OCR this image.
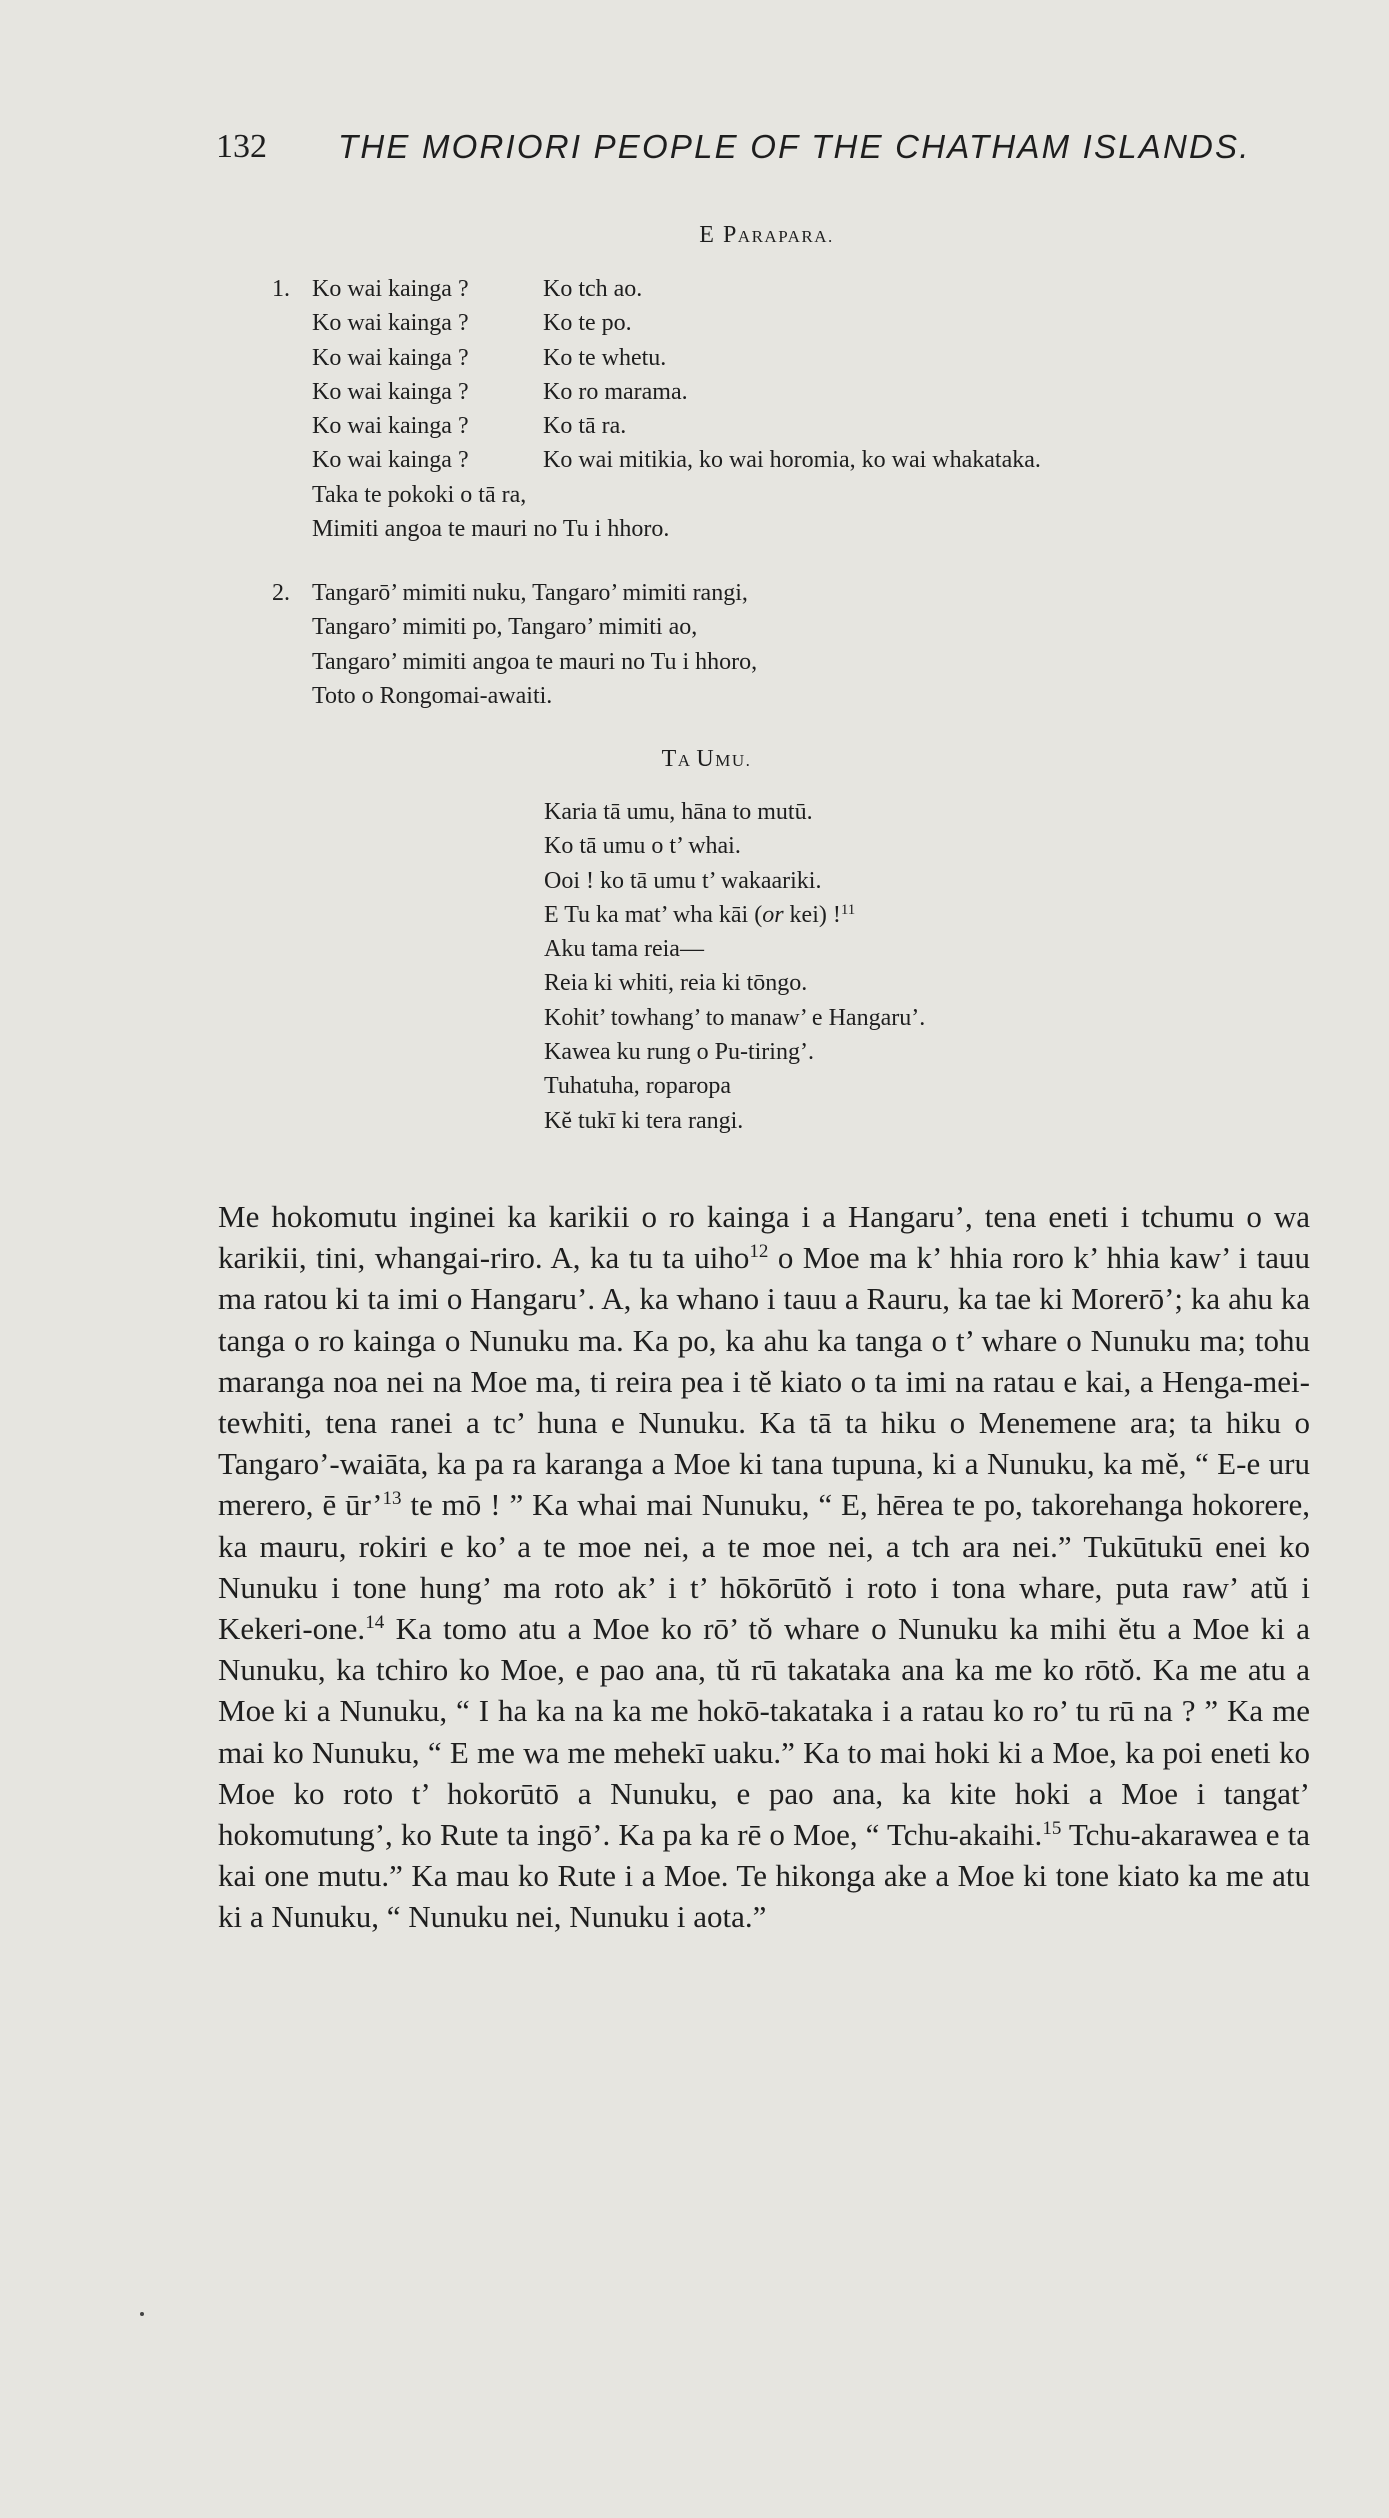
132 THE MORIORI PEOPLE OF THE CHATHAM ISLANDS.
E PARAPARA.
1. Ko wai kainga ?	Ko tch ao.
Ko wai kainga ?	Ko te po.
Ko wai kainga ?	Ko te whetu.
Ko wai kainga ?	Ko ro marama.
Ko wai kainga ?	Ko tā ra.
Ko wai kainga ?	Ko wai mitikia, ko wai horomia, ko wai whakataka.
Taka te pokoki o tā ra,
Mimiti angoa te mauri no Tu i hhoro.
2. Tangarō’ mimiti nuku, Tangaro’ mimiti rangi,
Tangaro’ mimiti po, Tangaro’ mimiti ao,
Tangaro’ mimiti angoa te mauri no Tu i hhoro,
Toto o Rongomai-awaiti.
TA UMU.
Karia tā umu, hāna to mutū.
Ko tā umu o t’ whai.
Ooi ! ko tā umu t’ wakaariki.
E Tu ka mat’ wha kāi (or kei) !$^{11}$
Aku tama reia—
Reia ki whiti, reia ki tōngo.
Kohit’ towhang’ to manaw’ e Hangaru’.
Kawea ku rung o Pu-tiring’.
Tuhatuha, roparopa
Kĕ tukī ki tera rangi.

Me hokomutu inginei ka karikii o ro kainga i a Hangaru’, tena eneti i tchumu o wa karikii, tini, whangai-riro. A, ka tu ta uiho$^{12}$ o Moe ma k’ hhia roro k’ hhia kaw’ i tauu ma ratou ki ta imi o Hangaru’. A, ka whano i tauu a Rauru, ka tae ki Morerō’; ka ahu ka tanga o ro kainga o Nunuku ma. Ka po, ka ahu ka tanga o t’ whare o Nunuku ma; tohu maranga noa nei na Moe ma, ti reira pea i tĕ kiato o ta imi na ratau e kai, a Henga-mei-tewhiti, tena ranei a tc’ huna e Nunuku. Ka tā ta hiku o Menemene ara; ta hiku o Tangaro’-waiāta, ka pa ra karanga a Moe ki tana tupuna, ki a Nunuku, ka mĕ, “ E-e uru merero, ē ūr’$^{13}$ te mō ! ” Ka whai mai Nunuku, “ E, hērea te po, takorehanga hokorere, ka mauru, rokiri e ko’ a te moe nei, a te moe nei, a tch ara nei.” Tukūtukū enei ko Nunuku i tone hung’ ma roto ak’ i t’ hōkōrūtŏ i roto i tona whare, puta raw’ atŭ i Kekeri-one.$^{14}$ Ka tomo atu a Moe ko rō’ tŏ whare o Nunuku ka mihi ĕtu a Moe ki a Nunuku, ka tchiro ko Moe, e pao ana, tŭ rū takataka ana ka me ko rōtŏ. Ka me atu a Moe ki a Nunuku, “ I ha ka na ka me hokō-takataka i a ratau ko ro’ tu rū na ? ” Ka me mai ko Nunuku, “ E me wa me mehekī uaku.” Ka to mai hoki ki a Moe, ka poi eneti ko Moe ko roto t’ hokorūtō a Nunuku, e pao ana, ka kite hoki a Moe i tangat’ hokomutung’, ko Rute ta ingō’. Ka pa ka rē o Moe, “ Tchu-akaihi.$^{15}$ Tchu-akarawea e ta kai one mutu.” Ka mau ko Rute i a Moe. Te hikonga ake a Moe ki tone kiato ka me atu ki a Nunuku, “ Nunuku nei, Nunuku i aota.”
